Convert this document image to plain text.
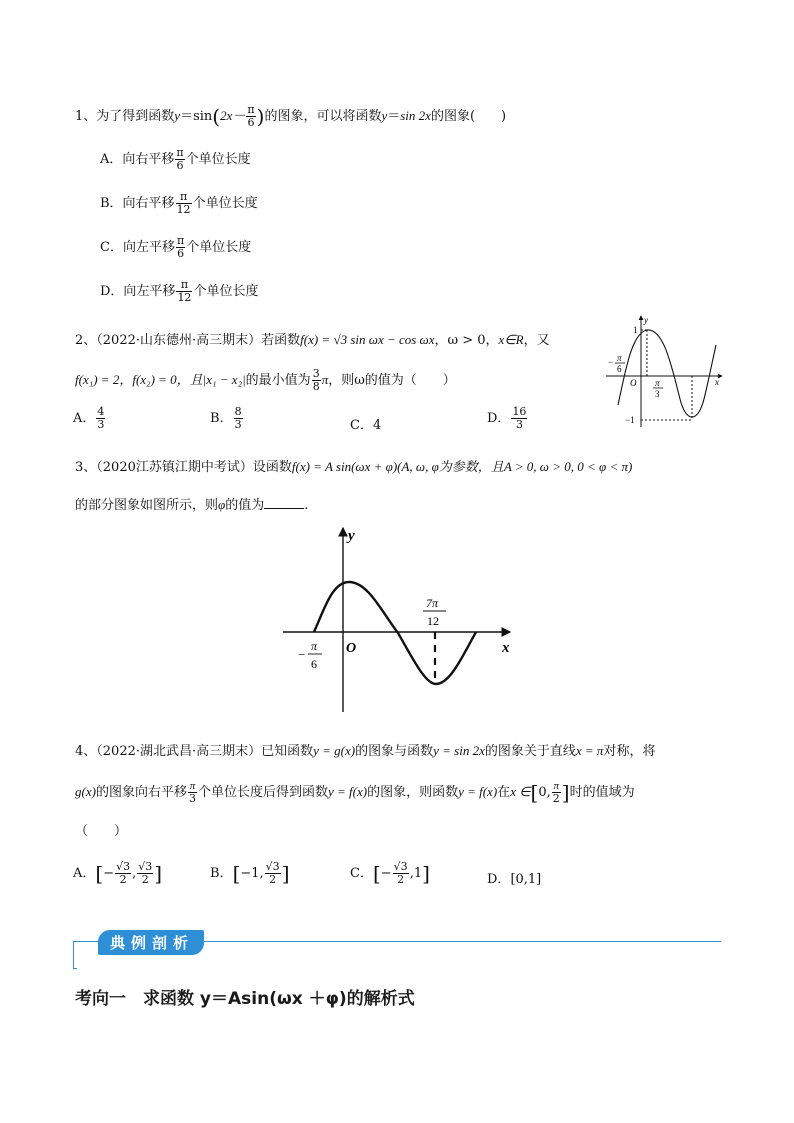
1、为了得到函数$y=\sin(2x- \frac{\pi}{6}$ )的图象，可以将函数y＝sin 2x的图象(　　)
A．向右平移 $\frac{\pi}{6}$ 个单位长度
B．向右平移 $\frac{\pi}{12}$ 个单位长度
C．向左平移 $\frac{\pi}{6}$ 个单位长度
D．向左平移 $\frac{\pi}{12}$ 个单位长度
2、（2022·山东德州·高三期末）若函数f(x) = √3 sin ωx − cos ωx，ω > 0，x∈R，又
f(x₁) = 2，f(x₂) = 0，且|x₁ − x₂|的最小值为 $\frac{3}{8}$ π，则ω的值为（　　）
A． $\frac{4}{3}$	B． $\frac{8}{3}$	C．4	D． $\frac{16}{3}$
y
x
O
1
−1
− π
6
π
3
3、（2020江苏镇江期中考试）设函数f(x) = A sin(ωx + φ)(A, ω, φ为参数，且A > 0, ω > 0, 0 < φ < π)
的部分图象如图所示，则φ的值为	.
y
x
O
−
π
6
7π
12
4、（2022·湖北武昌·高三期末）已知函数y = g(x)的图象与函数y = sin 2x的图象关于直线x = π对称，将
g(x)的图象向右平移 $\frac{\pi}{3}$ 个单位长度后得到函数y = f(x)的图象，则函数y = f(x)在x ∈[0, $\frac{\pi}{2}$ ]时的值域为
（　　）
A．[− $\frac{√3}{2}$ , $\frac{√3}{2}$ ]	B．[−1, $\frac{√3}{2}$ ]	C．[− $\frac{√3}{2} ,1$]	D．[0,1]
典例剖析
考向一　求函数 y＝Asin(ωx ＋φ)的解析式
